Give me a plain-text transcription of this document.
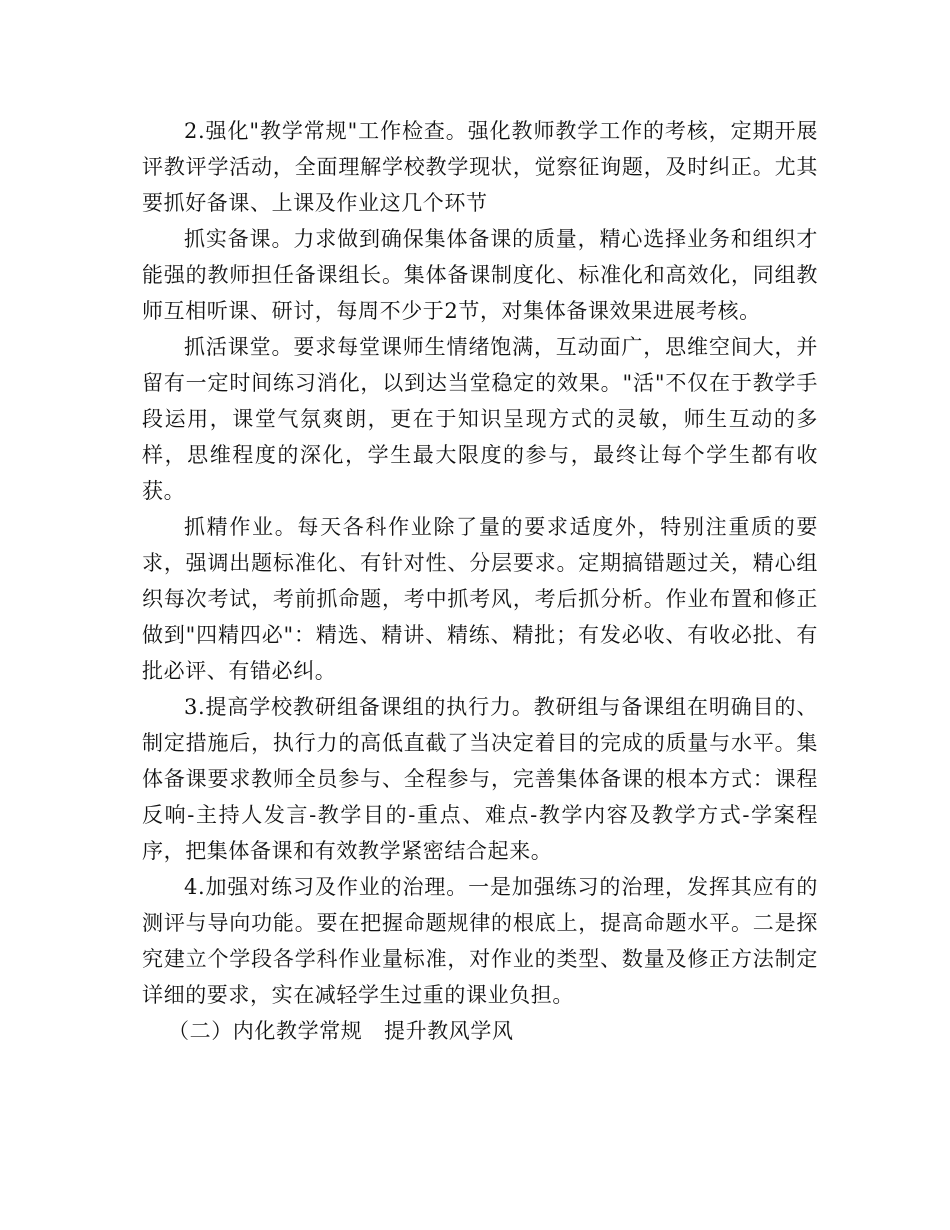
2.强化"教学常规"工作检查。强化教师教学工作的考核，定期开展评教评学活动，全面理解学校教学现状，觉察征询题，及时纠正。尤其要抓好备课、上课及作业这几个环节

抓实备课。力求做到确保集体备课的质量，精心选择业务和组织才能强的教师担任备课组长。集体备课制度化、标准化和高效化，同组教师互相听课、研讨，每周不少于2节，对集体备课效果进展考核。

抓活课堂。要求每堂课师生情绪饱满，互动面广，思维空间大，并留有一定时间练习消化，以到达当堂稳定的效果。"活"不仅在于教学手段运用，课堂气氛爽朗，更在于知识呈现方式的灵敏，师生互动的多样，思维程度的深化，学生最大限度的参与，最终让每个学生都有收获。

抓精作业。每天各科作业除了量的要求适度外，特别注重质的要求，强调出题标准化、有针对性、分层要求。定期搞错题过关，精心组织每次考试，考前抓命题，考中抓考风，考后抓分析。作业布置和修正做到"四精四必"：精选、精讲、精练、精批；有发必收、有收必批、有批必评、有错必纠。

3.提高学校教研组备课组的执行力。教研组与备课组在明确目的、制定措施后，执行力的高低直截了当决定着目的完成的质量与水平。集体备课要求教师全员参与、全程参与，完善集体备课的根本方式：课程反响-主持人发言-教学目的-重点、难点-教学内容及教学方式-学案程序，把集体备课和有效教学紧密结合起来。

4.加强对练习及作业的治理。一是加强练习的治理，发挥其应有的测评与导向功能。要在把握命题规律的根底上，提高命题水平。二是探究建立个学段各学科作业量标准，对作业的类型、数量及修正方法制定详细的要求，实在减轻学生过重的课业负担。

（二）内化教学常规　提升教风学风
